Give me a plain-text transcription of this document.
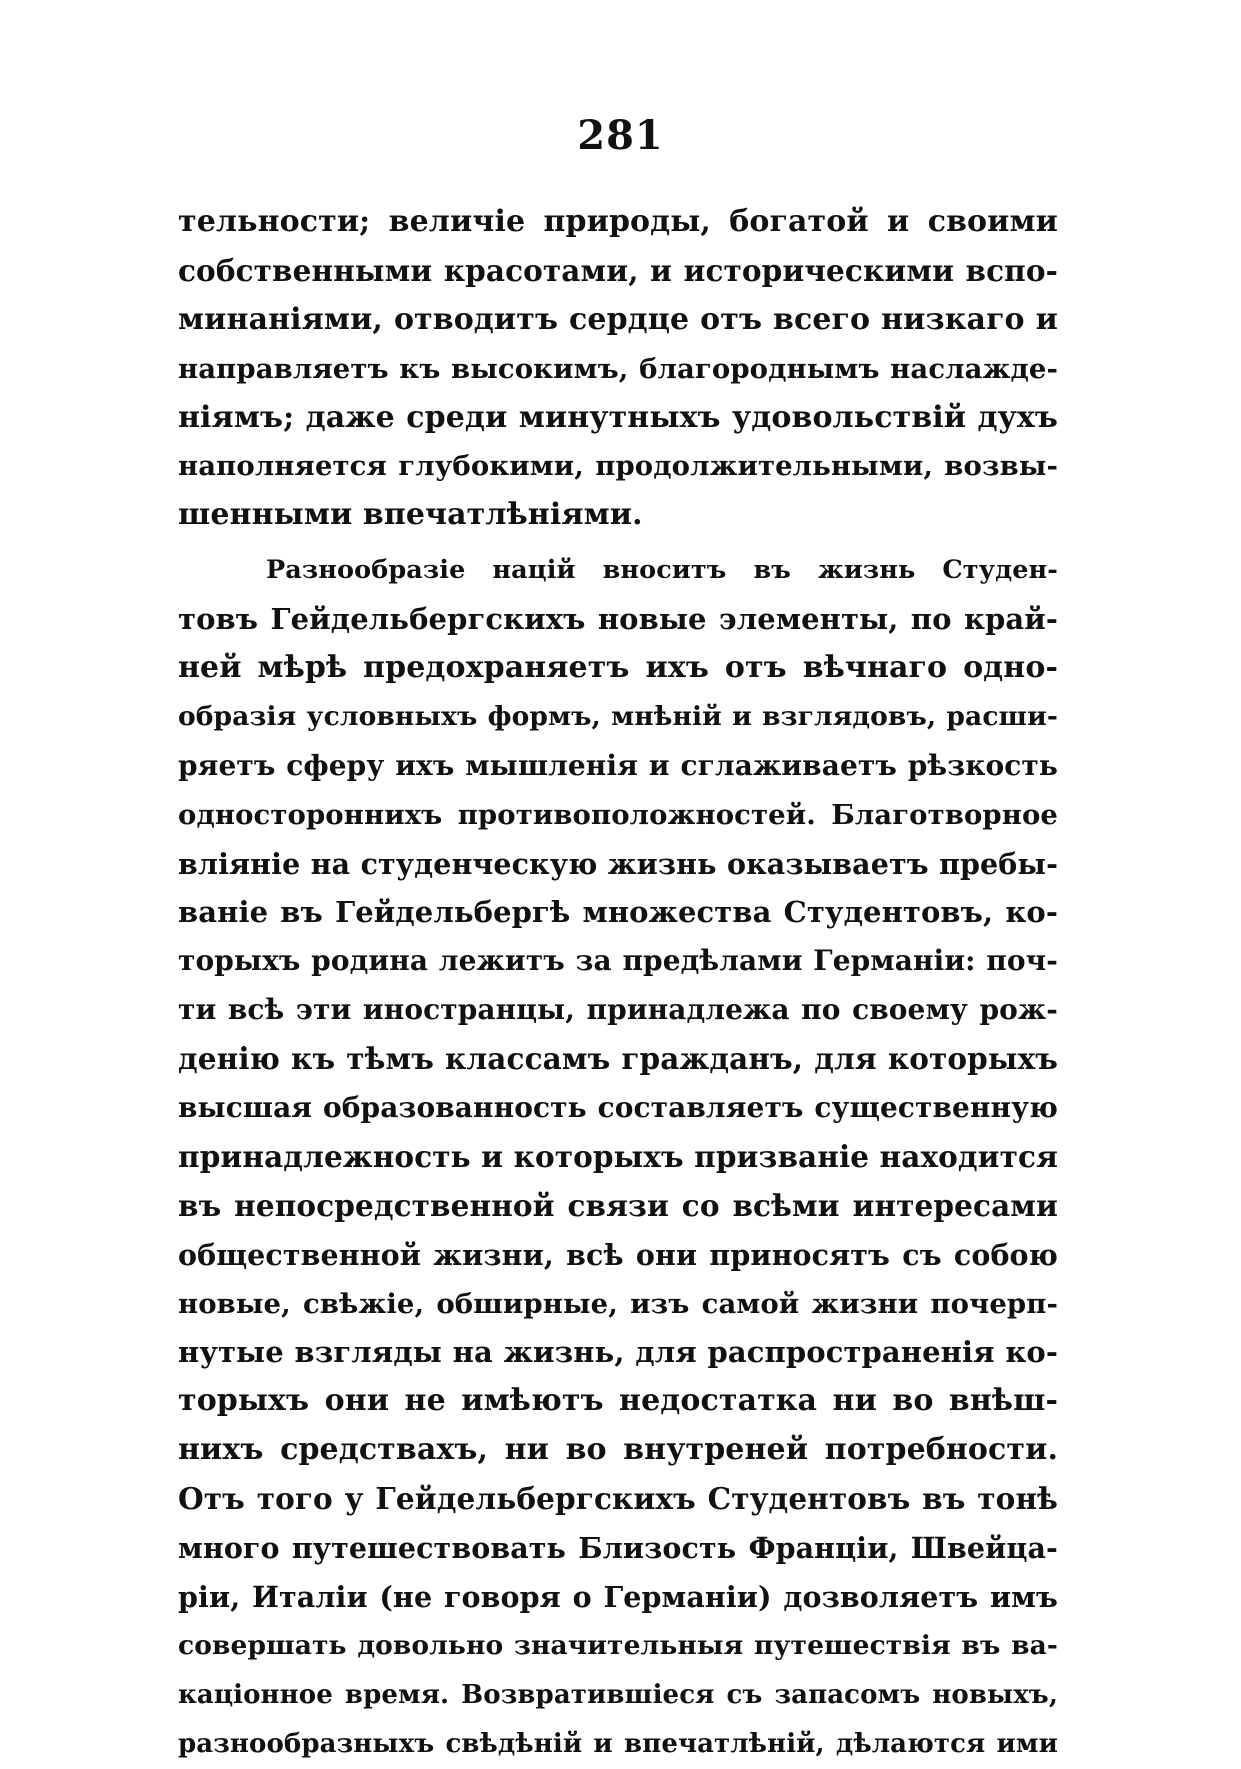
281
тельности; величіе природы, богатой и своими
собственными красотами, и историческими вспо-
минаніями, отводитъ сердце отъ всего низкаго и
направляетъ къ высокимъ, благороднымъ наслажде-
ніямъ; даже среди минутныхъ удовольствій духъ
наполняется глубокими, продолжительными, возвы-
шенными впечатлѣніями.
Разнообразіе націй вноситъ въ жизнь Студен-
товъ Гейдельбергскихъ новые элементы, по край-
ней мѣрѣ предохраняетъ ихъ отъ вѣчнаго одно-
образія условныхъ формъ, мнѣній и взглядовъ, расши-
ряетъ сферу ихъ мышленія и сглаживаетъ рѣзкость
одностороннихъ противоположностей. Благотворное
вліяніе на студенческую жизнь оказываетъ пребы-
ваніе въ Гейдельбергѣ множества Студентовъ, ко-
торыхъ родина лежитъ за предѣлами Германіи: поч-
ти всѣ эти иностранцы, принадлежа по своему рож-
денію къ тѣмъ классамъ гражданъ, для которыхъ
высшая образованность составляетъ существенную
принадлежность и которыхъ призваніе находится
въ непосредственной связи со всѣми интересами
общественной жизни, всѣ они приносятъ съ собою
новые, свѣжіе, обширные, изъ самой жизни почерп-
нутые взгляды на жизнь, для распространенія ко-
торыхъ они не имѣютъ недостатка ни во внѣш-
нихъ средствахъ, ни во внутреней потребности.
Отъ того у Гейдельбергскихъ Студентовъ въ тонѣ
много путешествовать Близость Франціи, Швейца-
ріи, Италіи (не говоря о Германіи) дозволяетъ имъ
совершать довольно значительныя путешествія въ ва-
каціонное время. Возвратившіеся съ запасомъ новыхъ,
разнообразныхъ свѣдѣній и впечатлѣній, дѣлаются ими
